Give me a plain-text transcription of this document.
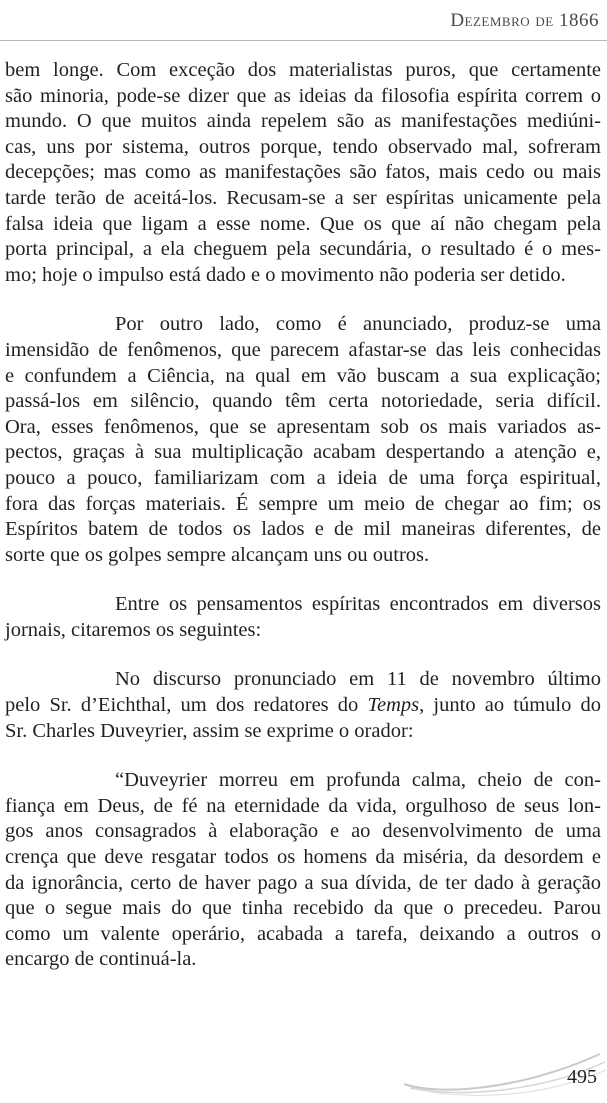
Dezembro de 1866
bem longe. Com exceção dos materialistas puros, que certamente
são minoria, pode-se dizer que as ideias da filosofia espírita correm o
mundo. O que muitos ainda repelem são as manifestações mediúni-
cas, uns por sistema, outros porque, tendo observado mal, sofreram
decepções; mas como as manifestações são fatos, mais cedo ou mais
tarde terão de aceitá-los. Recusam-se a ser espíritas unicamente pela
falsa ideia que ligam a esse nome. Que os que aí não chegam pela
porta principal, a ela cheguem pela secundária, o resultado é o mes-
mo; hoje o impulso está dado e o movimento não poderia ser detido.
Por outro lado, como é anunciado, produz-se uma
imensidão de fenômenos, que parecem afastar-se das leis conhecidas
e confundem a Ciência, na qual em vão buscam a sua explicação;
passá-los em silêncio, quando têm certa notoriedade, seria difícil.
Ora, esses fenômenos, que se apresentam sob os mais variados as-
pectos, graças à sua multiplicação acabam despertando a atenção e,
pouco a pouco, familiarizam com a ideia de uma força espiritual,
fora das forças materiais. É sempre um meio de chegar ao fim; os
Espíritos batem de todos os lados e de mil maneiras diferentes, de
sorte que os golpes sempre alcançam uns ou outros.
Entre os pensamentos espíritas encontrados em diversos
jornais, citaremos os seguintes:
No discurso pronunciado em 11 de novembro último
pelo Sr. d’Eichthal, um dos redatores do Temps, junto ao túmulo do
Sr. Charles Duveyrier, assim se exprime o orador:
“Duveyrier morreu em profunda calma, cheio de con-
fiança em Deus, de fé na eternidade da vida, orgulhoso de seus lon-
gos anos consagrados à elaboração e ao desenvolvimento de uma
crença que deve resgatar todos os homens da miséria, da desordem e
da ignorância, certo de haver pago a sua dívida, de ter dado à geração
que o segue mais do que tinha recebido da que o precedeu. Parou
como um valente operário, acabada a tarefa, deixando a outros o
encargo de continuá-la.
495
